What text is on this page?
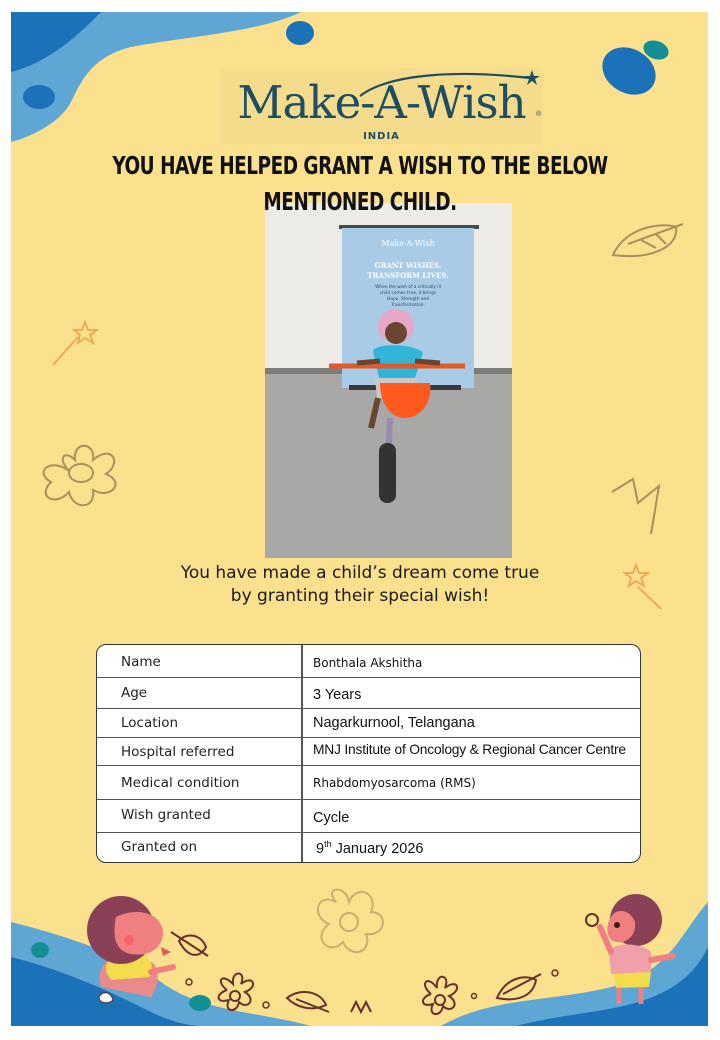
Make-A-Wish	®
INDIA
Make-A-Wish
GRANT WISHES.
TRANSFORM LIVES.
When the wish of a critically ill
child comes true, it brings
Hope, Strength and
Transformation.
Name	Bonthala Akshitha
Age	3 Years
Location	Nagarkurnool, Telangana
Hospital referred	MNJ Institute of Oncology & Regional Cancer Centre
Medical condition	Rhabdomyosarcoma (RMS)
Wish granted	Cycle
Granted on	9th January 2026
YOU HAVE HELPED GRANT A WISH TO THE BELOW MENTIONED CHILD.
You have made a child’s dream come true
by granting their special wish!
